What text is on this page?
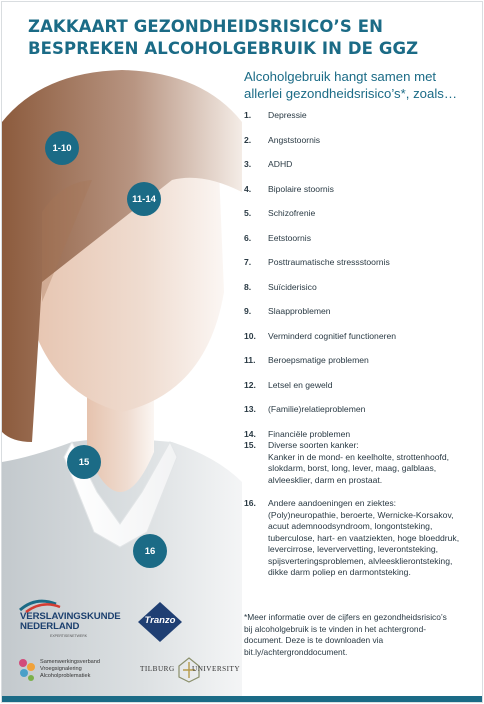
ZAKKAART GEZONDHEIDSRISICO’S EN
BESPREKEN ALCOHOLGEBRUIK IN DE GGZ
1-10
11-14
15
16
Alcoholgebruik hangt samen met
allerlei gezondheidsrisico’s*, zoals…
1. Depressie
2. Angststoornis
3. ADHD
4. Bipolaire stoornis
5. Schizofrenie
6. Eetstoornis
7. Posttraumatische stressstoornis
8. Suïciderisico
9. Slaapproblemen
10. Verminderd cognitief functioneren
11. Beroepsmatige problemen
12. Letsel en geweld
13. (Familie)relatieproblemen
14. Financiële problemen
15. Diverse soorten kanker:
Kanker in de mond- en keelholte, strottenhoofd, slokdarm, borst, long, lever, maag, galblaas, alvleesklier, darm en prostaat.
16. Andere aandoeningen en ziektes:
(Poly)neuropathie, beroerte, Wernicke-Korsakov, acuut ademnoodsyndroom, longontsteking, tuberculose, hart- en vaatziekten, hoge bloeddruk, levercirrose, leververvetting, leverontsteking, spijsverteringsproblemen, alvleesklierontsteking, dikke darm poliep en darmontsteking.
*Meer informatie over de cijfers en gezondheidsrisico’s
bij alcoholgebruik is te vinden in het achtergrond-
document. Deze is te downloaden via
bit.ly/achtergronddocument.
VERSLAVINGSKUNDE
NEDERLAND
EXPERTISENETWERK
Tranzo
Samenwerkingsverband
Vroegsignalering
Alcoholproblematiek
TILBURG UNIVERSITY
